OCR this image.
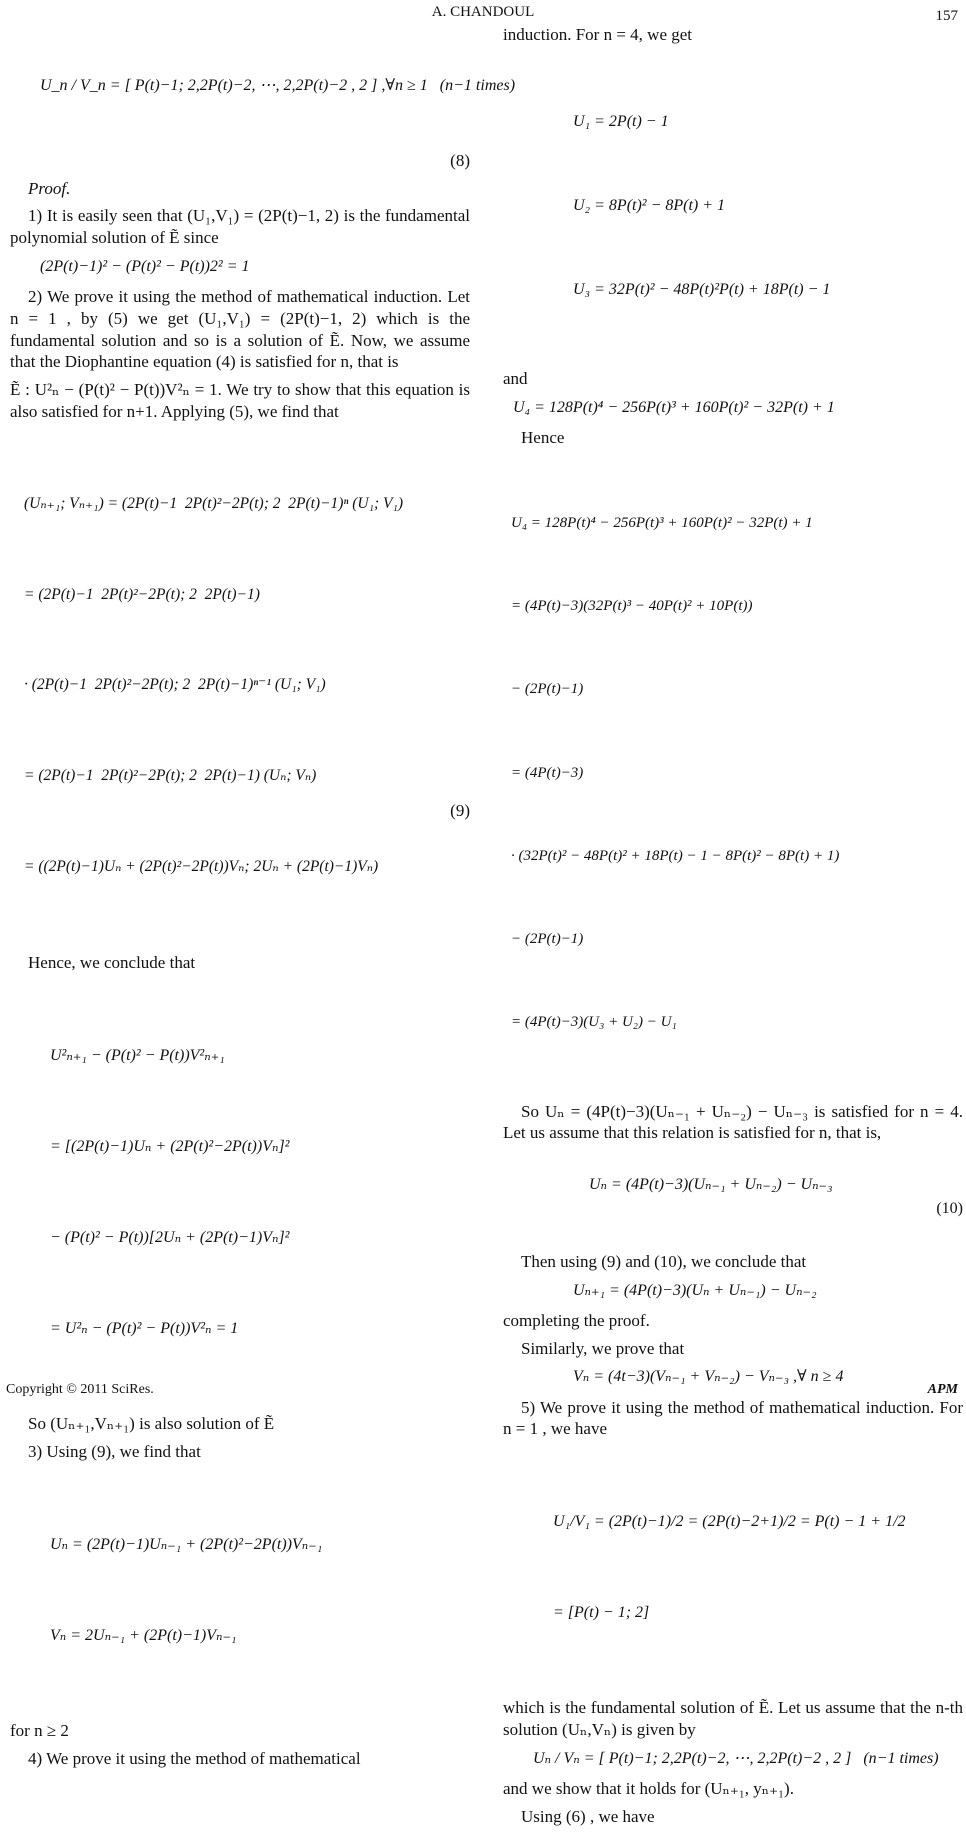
A. CHANDOUL	157

U_n / V_n = [ P(t)−1; 2,2P(t)−2, ⋯, 2,2P(t)−2 , 2 ] ,∀n ≥ 1   (n−1 times)

(8)

Proof.

1) It is easily seen that (U₁,V₁) = (2P(t)−1, 2) is the fundamental polynomial solution of Ẽ since

(2P(t)−1)² − (P(t)² − P(t))2² = 1

2) We prove it using the method of mathematical induction. Let n = 1 , by (5) we get (U₁,V₁) = (2P(t)−1, 2) which is the fundamental solution and so is a solution of Ẽ. Now, we assume that the Diophantine equation (4) is satisfied for n, that is

Ẽ : U²ₙ − (P(t)² − P(t))V²ₙ = 1. We try to show that this equation is also satisfied for n+1. Applying (5), we find that

(Uₙ₊₁; Vₙ₊₁) = (2P(t)−1  2P(t)²−2P(t); 2  2P(t)−1)ⁿ (U₁; V₁)

= (2P(t)−1  2P(t)²−2P(t); 2  2P(t)−1)

· (2P(t)−1  2P(t)²−2P(t); 2  2P(t)−1)ⁿ⁻¹ (U₁; V₁)

= (2P(t)−1  2P(t)²−2P(t); 2  2P(t)−1) (Uₙ; Vₙ)

= ((2P(t)−1)Uₙ + (2P(t)²−2P(t))Vₙ; 2Uₙ + (2P(t)−1)Vₙ)

(9)

Hence, we conclude that

U²ₙ₊₁ − (P(t)² − P(t))V²ₙ₊₁

= [(2P(t)−1)Uₙ + (2P(t)²−2P(t))Vₙ]²

− (P(t)² − P(t))[2Uₙ + (2P(t)−1)Vₙ]²

= U²ₙ − (P(t)² − P(t))V²ₙ = 1

So (Uₙ₊₁,Vₙ₊₁) is also solution of Ẽ

3) Using (9), we find that

Uₙ = (2P(t)−1)Uₙ₋₁ + (2P(t)²−2P(t))Vₙ₋₁

Vₙ = 2Uₙ₋₁ + (2P(t)−1)Vₙ₋₁

for n ≥ 2

4) We prove it using the method of mathematical

induction. For n = 4, we get

U₁ = 2P(t) − 1

U₂ = 8P(t)² − 8P(t) + 1

U₃ = 32P(t)² − 48P(t)²P(t) + 18P(t) − 1

and

U₄ = 128P(t)⁴ − 256P(t)³ + 160P(t)² − 32P(t) + 1

Hence

U₄ = 128P(t)⁴ − 256P(t)³ + 160P(t)² − 32P(t) + 1

= (4P(t)−3)(32P(t)³ − 40P(t)² + 10P(t))

− (2P(t)−1)

= (4P(t)−3)

· (32P(t)² − 48P(t)² + 18P(t) − 1 − 8P(t)² − 8P(t) + 1)

− (2P(t)−1)

= (4P(t)−3)(U₃ + U₂) − U₁

So Uₙ = (4P(t)−3)(Uₙ₋₁ + Uₙ₋₂) − Uₙ₋₃ is satisfied for n = 4. Let us assume that this relation is satisfied for n, that is,

Uₙ = (4P(t)−3)(Uₙ₋₁ + Uₙ₋₂) − Uₙ₋₃

(10)

Then using (9) and (10), we conclude that

Uₙ₊₁ = (4P(t)−3)(Uₙ + Uₙ₋₁) − Uₙ₋₂

completing the proof.

Similarly, we prove that

Vₙ = (4t−3)(Vₙ₋₁ + Vₙ₋₂) − Vₙ₋₃ ,∀ n ≥ 4

5) We prove it using the method of mathematical induction. For n = 1 , we have

U₁/V₁ = (2P(t)−1)/2 = (2P(t)−2+1)/2 = P(t) − 1 + 1/2

= [P(t) − 1; 2]

which is the fundamental solution of Ẽ. Let us assume that the n-th solution (Uₙ,Vₙ) is given by

Uₙ / Vₙ = [ P(t)−1; 2,2P(t)−2, ⋯, 2,2P(t)−2 , 2 ]   (n−1 times)

and we show that it holds for (Uₙ₊₁, yₙ₊₁).

Using (6) , we have

Copyright © 2011 SciRes.	APM
